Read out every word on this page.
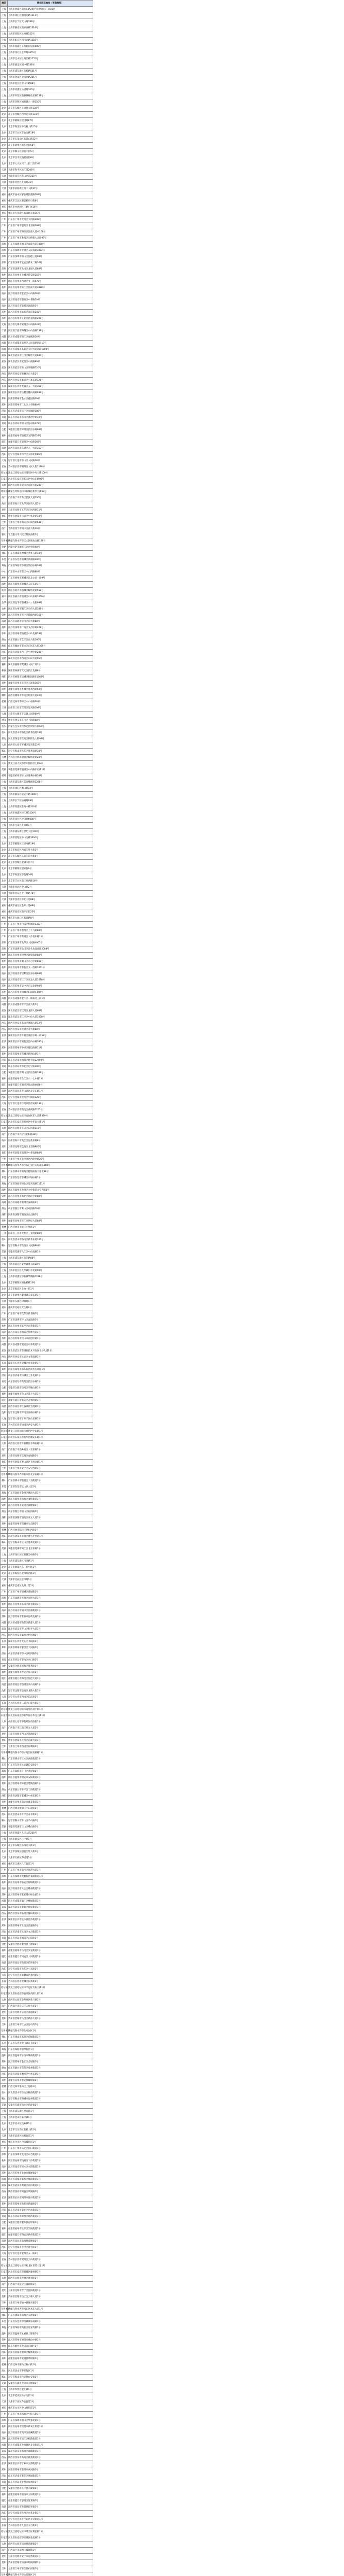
地区	营业网点地址（有效地址）
上海	上海市黄浦区南京东路299号宏伊国际广场B1层
上海	上海市徐汇区漕溪北路1111号
上海	上海市长宁区天山路789号
上海	上海市静安区南京西路1618号
上海	上海市普陀区长寿路155号
上海	上海市虹口区四川北路1318号
上海	上海市杨浦区五角场国定路600号
上海	上海市闵行区七莘路3655号
上海	上海市宝山区牡丹江路1555号
上海	上海市嘉定区城中路138号
上海	上海市浦东新区张杨路501号
上海	上海市金山区卫清西路255号
上海	上海市松江区中山中路88号
上海	上海市青浦区公园路700号
上海	上海市奉贤区南桥镇解放东路258号
上海	上海市崇明区城桥镇八一路150号
北京	北京市东城区王府井大街138号
北京	北京市西城区西单北大街131号
北京	北京市朝阳区建国路87号
北京	北京市海淀区中关村大街15号
北京	北京市丰台区丰台北路18号
北京	北京市石景山区石景山路22号
北京	北京市通州区新华西街58号
北京	北京市顺义区府前中街5号
北京	北京市昌平区鼓楼南街6号
北京	北京市大兴区兴丰大街二段23号
天津	天津市和平区滨江道208号
天津	天津市南开区鞍山西道220号
天津	天津市河西区友谊路35号
天津	天津市滨海新区第二大街37号
重庆	重庆市渝中区解放碑民族路188号
重庆	重庆市江北区观音桥步行街8号
重庆	重庆市沙坪坝区三峡广场16号
重庆	重庆市九龙坡区杨家坪正街36号
广州	广东省广州市天河区天河路208号
广州	广东省广州市越秀区北京路268号
广州	广东省广州市海珠区江南大道中168号
广州	广东省广州市番禺区市桥街大北路99号
深圳	广东省深圳市福田区深南大道7888号
深圳	广东省深圳市罗湖区人民南路3002号
深圳	广东省深圳市南山区海德三道99号
深圳	广东省深圳市宝安区新安二路36号
深圳	广东省深圳市龙岗区龙城大道88号
杭州	浙江省杭州市上城区延安路258号
杭州	浙江省杭州市西湖区文三路478号
杭州	浙江省杭州市滨江区江南大道3888号
南京	江苏省南京市玄武区中山路18号
南京	江苏省南京市秦淮区中华路50号
南京	江苏省南京市鼓楼区湖南路1号
苏州	江苏省苏州市姑苏区观前街245号
苏州	江苏省苏州市工业园区星海街200号
无锡	江苏省无锡市梁溪区中山路343号
宁波	浙江省宁波市海曙区中山西路138号
成都	四川省成都市锦江区春熙路16号
成都	四川省成都市武侯区人民南路四段19号
成都	四川省成都市高新区天府大道北段1700号
武汉	湖北省武汉市江汉区解放大道690号
武汉	湖北省武汉市武昌区中南路99号
武汉	湖北省武汉市洪山区珞喻路726号
西安	陕西省西安市碑林区东大街1号
西安	陕西省西安市雁塔区小寨东路126号
长沙	湖南省长沙市芙蓉区五一大道368号
长沙	湖南省长沙市岳麓区麓山南路932号
郑州	河南省郑州市金水区花园路39号
郑州	河南省郑州市二七区大学路80号
济南	山东省济南市历下区泉城路188号
青岛	山东省青岛市市南区香港中路10号
青岛	山东省青岛市崂山区海尔路178号
合肥	安徽省合肥市庐阳区长江中路98号
福州	福建省福州市鼓楼区五四路128号
厦门	福建省厦门市思明区中山路168号
南昌	江西省南昌市东湖区八一大道357号
沈阳	辽宁省沈阳市和平区太原北街86号
大连	辽宁省大连市中山区人民路18号
长春	吉林省长春市朝阳区人民大街1188号
哈尔滨	黑龙江省哈尔滨市道里区中央大街100号
石家庄	河北省石家庄市长安区中山东路98号
太原	山西省太原市迎泽区迎泽大街289号
呼和浩特	内蒙古呼和浩特市新城区新华大街63号
南宁	广西南宁市青秀区民族大道136号
海口	海南省海口市龙华区国贸大道2号
昆明	云南省昆明市五华区东风西路11号
贵阳	贵州省贵阳市云岩区中华北路18号
兰州	甘肃省兰州市城关区东岗西路638号
西宁	青海省西宁市城中区西大街40号
银川	宁夏银川市兴庆区解放西街2号
乌鲁木齐	新疆乌鲁木齐市天山区解放北路199号
拉萨	西藏拉萨市城关区北京中路48号
佛山	广东省佛山市禅城区季华五路18号
东莞	广东省东莞市南城区鸿福路200号
珠海	广东省珠海市香洲区情侣中路38号
中山	广东省中山市东区中山四路88号
惠州	广东省惠州市惠城区江北文昌一路9号
温州	浙江省温州市鹿城区人民东路1号
绍兴	浙江省绍兴市越城区解放北路558号
嘉兴	浙江省嘉兴市南湖区中山东路1000号
金华	浙江省金华市婺城区八一北街99号
台州	浙江省台州市椒江区市府大道388号
常州	江苏省常州市天宁区延陵西路168号
南通	江苏省南通市崇川区南大街88号
扬州	江苏省扬州市广陵区文昌中路228号
徐州	江苏省徐州市鼓楼区中山北路29号
烟台	山东省烟台市芝罘区南大街166号
潍坊	山东省潍坊市奎文区东风东大街369号
洛阳	河南省洛阳市西工区中州中路288号
宜昌	湖北省宜昌市西陵区东山大道95号
襄阳	湖北省襄阳市樊城区人民广场1号
株洲	湖南省株洲市天元区长江北路8号
绵阳	四川省绵阳市涪城区临园路东段68号
泉州	福建省泉州市丰泽区丰泽街368号
漳州	福建省漳州市芗城区胜利西路58号
赣州	江西省赣州市章贡区红旗大道20号
桂林	广西桂林市秀峰区中山中路38号
三亚	海南省三亚市吉阳区迎宾路198号
大理	云南省大理市下关镇人民路69号
遵义	贵州省遵义市汇川区上海路88号
包头	内蒙古包头市昆都仑区钢铁大街66号
唐山	河北省唐山市路北区新华西道18号
保定	河北省保定市竞秀区朝阳北大街99号
大同	山西省大同市平城区迎宾街12号
鞍山	辽宁省鞍山市铁东区胜利南路38号
吉林	吉林省吉林市船营区解放北路28号
大庆	黑龙江省大庆市萨尔图区经七街6号
芜湖	安徽省芜湖市镜湖区中山路步行街1号
蚌埠	安徽省蚌埠市蚌山区胜利中路58号
上海	上海市浦东新区陆家嘴环路1288号
上海	上海市徐汇区衡山路12号
上海	上海市静安区延安中路1000号
上海	上海市长宁区仙霞路99号
上海	上海市黄浦区淮海中路300号
上海	上海市杨浦区控江路1500号
上海	上海市闵行区沪闵路6088号
上海	上海市宝山区友谊路1号
上海	上海市浦东新区世纪大道100号
上海	上海市普陀区中山北路3300号
北京	北京市朝阳区三里屯路19号
北京	北京市海淀区西直门外大街1号
北京	北京市东城区东直门南大街5号
北京	北京市西城区金融大街7号
北京	北京市朝阳区望京街9号
北京	北京市海淀区学院路30号
北京	北京市丰台区南三环西路16号
天津	天津市河北区中山路2号
天津	天津市河东区十一经路78号
天津	天津市西青区中北大道88号
重庆	重庆市渝北区金开大道68号
重庆	重庆市南岸区南坪正街22号
重庆	重庆市大渡口区松青路8号
广州	广东省广州市白云区机场路1333号
广州	广东省广州市荔湾区上下九路88号
广州	广东省广州市黄埔区大沙地东路1号
深圳	广东省深圳市龙华区人民路4001号
深圳	广东省深圳市盐田区沙头角深盐路2088号
杭州	浙江省杭州市拱墅区湖墅南路88号
杭州	浙江省杭州市萧山区市心中路818号
杭州	浙江省杭州市余杭区文一西路1001号
南京	江苏省南京市建邺区江东中路98号
南京	江苏省南京市江宁区双龙大道1698号
苏州	江苏省苏州市吴中区东吴北路98号
苏州	江苏省苏州市相城区阳澄湖东路8号
成都	四川省成都市金牛区一环路北三段1号
成都	四川省成都市青羊区西大街1号
武汉	湖北省武汉市汉阳区龙阳大道68号
武汉	湖北省武汉市江岸区中山大道1008号
西安	陕西省西安市未央区凤城八路12号
西安	陕西省西安市莲湖区北大街88号
长沙	湖南省长沙市开福区湘江中路一段52号
长沙	湖南省长沙市雨花区韶山中路380号
郑州	河南省郑州市中原区建设西路11号
郑州	河南省郑州市管城区紫荆山路1号
济南	山东省济南市槐荫区经十路22799号
青岛	山东省青岛市市北区辽宁路100号
合肥	安徽省合肥市蜀山区长江西路189号
福州	福建省福州市台江区八一七中路1号
厦门	福建省厦门市湖里区仙岳路4688号
南昌	江西省南昌市青山湖区北京东路1号
沈阳	辽宁省沈阳市沈河区中街路128号
大连	辽宁省大连市沙河口区西安路139号
长春	吉林省长春市南关区重庆路1255号
哈尔滨	黑龙江省哈尔滨市南岗区东大直街329号
石家庄	河北省石家庄市桥西区中华南大街1号
太原	山西省太原市小店区长风街116号
南宁	广西南宁市兴宁区朝阳路38号
海口	海南省海口市美兰区海秀东路8号
昆明	云南省昆明市盘龙区北京路985号
贵阳	贵州省贵阳市南明区中华南路88号
兰州	甘肃省兰州市七里河区西津西路20号
乌鲁木齐	新疆乌鲁木齐市沙依巴克区友好南路668号
佛山	广东省佛山市南海区桂城南海大道北38号
东莞	广东省东莞市东城区东城中路1号
珠海	广东省珠海市拱北区迎宾南路1111号
温州	浙江省温州市龙湾区永中街道永宁西路1号
常州	江苏省常州市新北区通江中路88号
南通	江苏省南通市港闸区深南路1号
烟台	山东省烟台市莱山区观海路10号
洛阳	河南省洛阳市涧西区南昌路1号
泉州	福建省泉州市晋江市世纪大道88号
桂林	广西桂林市七星区七星路1号
三亚	海南省三亚市天涯区三亚湾路88号
唐山	河北省唐山市路南区新华东道100号
鞍山	辽宁省鞍山市铁西区人民路88号
芜湖	安徽省芜湖市弋江区中山南路1号
上海	上海市浦东新区张江路88号
上海	上海市嘉定区安亭镇墨玉路28号
上海	上海市松江区九亭镇沪亭北路99号
上海	上海市青浦区华新镇华腾路1288号
北京	北京市朝阳区酒仙桥路10号
北京	北京市海淀区上地十街1号
北京	北京市通州区梨园镇云景东路1号
天津	天津市东丽区津塘路1号
重庆	重庆市北碚区天生路2号
广州	广东省广州市花都区新华路1号
深圳	广东省深圳市坪山区深汕路1号
杭州	浙江省杭州市临平区南苑街道1号
南京	江苏省南京市栖霞区仙林大道1号
苏州	江苏省苏州市昆山市前进中路1号
成都	四川省成都市双流区东升街道1号
武汉	湖北省武汉市东湖新技术开发区光谷大道1号
西安	陕西省西安市长安区文苑南路1号
长沙	湖南省长沙市望城区金星北路1号
郑州	河南省郑州市郑东新区商务内环路1号
济南	山东省济南市历城区工业北路1号
青岛	山东省青岛市黄岛区长江中路1号
合肥	安徽省合肥市包河区马鞍山路1号
福州	福建省福州市仓山区浦上大道1号
厦门	福建省厦门市集美区杏林湾路1号
南昌	江西省南昌市红谷滩区会展路1号
沈阳	辽宁省沈阳市浑南区浑南中路1号
大连	辽宁省大连市甘井子区山东路1号
长春	吉林省长春市绿园区西安大路1号
哈尔滨	黑龙江省哈尔滨市香坊区中山路1号
石家庄	河北省石家庄市裕华区槐安东路1号
太原	山西省太原市万柏林区千峰南路1号
南宁	广西南宁市西乡塘区大学东路1号
昆明	云南省昆明市官渡区春城路1号
贵阳	贵州省贵阳市观山湖区长岭北路1号
兰州	甘肃省兰州市安宁区安宁西路1号
乌鲁木齐	新疆乌鲁木齐市新市区北京南路1号
佛山	广东省佛山市顺德区大良街道1号
东莞	广东省东莞市松山湖大道1号
珠海	广东省珠海市金湾区珠海大道1号
温州	浙江省温州市瓯海区娄桥街道1号
常州	江苏省常州市武进区湖塘镇1号
烟台	山东省烟台市福山区福海路1号
洛阳	河南省洛阳市洛龙区开元大道1号
泉州	福建省泉州市石狮市宝岛路1号
桂林	广西桂林市临桂区世纪西路1号
唐山	河北省唐山市丰润区曹雪芹西道1号
鞍山	辽宁省鞍山市立山区胜利北路1号
芜湖	安徽省芜湖市鸠江区北京东路1号
上海	上海市闵行区虹桥镇吴中路1号
上海	上海市浦东新区川沙路1号
北京	北京市朝阳区东三环中路1号
北京	北京市海淀区北四环西路1号
天津	天津市北辰区京津路1号
重庆	重庆市巴南区龙洲大道1号
广州	广东省广州市增城区荔城街1号
深圳	广东省深圳市光明区光明大道1号
杭州	浙江省杭州市富阳区富春街道1号
南京	江苏省南京市浦口区江浦街道1号
苏州	江苏省苏州市常熟市海虞北路1号
成都	四川省成都市新都区新都大道1号
武汉	湖北省武汉市青山区和平大道1号
西安	陕西省西安市灞桥区纺织城1号
长沙	湖南省长沙市天心区书院路1号
郑州	河南省郑州市惠济区天河路1号
济南	山东省济南市市中区经四路1号
青岛	山东省青岛市李沧区京口路1号
合肥	安徽省合肥市瑶海区胜利路1号
福州	福建省福州市晋安区福马路1号
厦门	福建省厦门市海沧区海沧大道1号
南昌	江西省南昌市西湖区象山南路1号
沈阳	辽宁省沈阳市皇姑区北陵大街1号
大连	辽宁省大连市西岗区长江路1号
长春	吉林省长春市二道区东盛大街1号
哈尔滨	黑龙江省哈尔滨市道外区靖宇街1号
石家庄	河北省石家庄市新华区中华北大街1号
太原	山西省太原市杏花岭区府西街1号
南宁	广西南宁市江南区星光大道1号
昆明	云南省昆明市西山区滇池路1号
贵阳	贵州省贵阳市花溪区花溪大道1号
兰州	甘肃省兰州市西固区福利路1号
乌鲁木齐	新疆乌鲁木齐市水磨沟区南湖路1号
佛山	广东省佛山市三水区西南街道1号
东莞	广东省东莞市长安镇长安路1号
珠海	广东省珠海市斗门区井岸镇1号
温州	浙江省温州市瑞安市安阳街道1号
常州	江苏省常州市钟楼区延陵西路1号
烟台	山东省烟台市牟平区宁海街道1号
洛阳	河南省洛阳市老城区中州东路1号
泉州	福建省泉州市南安市溪美街道1号
桂林	广西桂林市叠彩区中山北路1号
唐山	河北省唐山市开平区开平街1号
鞍山	辽宁省鞍山市千山区千山路1号
芜湖	安徽省芜湖市三山区峨山路1号
上海	上海市黄浦区人民大道200号
上海	上海市静安区江宁路1号
北京	北京市东城区东四北大街1号
北京	北京市西城区德胜门外大街1号
天津	天津市红桥区芥园道1号
重庆	重庆市江津区几江街道1号
广州	广东省广州市南沙区进港大道1号
深圳	广东省深圳市大鹏新区葵涌街道1号
杭州	浙江省杭州市临安区锦城街道1号
南京	江苏省南京市六合区雄州街道1号
苏州	江苏省苏州市张家港市杨舍镇1号
成都	四川省成都市温江区柳城街道1号
武汉	湖北省武汉市蔡甸区蔡甸街道1号
西安	陕西省西安市临潼区骊山街道1号
长沙	湖南省长沙市长沙县星沙街道1号
郑州	河南省郑州市上街区济源路1号
济南	山东省济南市长清区文昌街道1号
青岛	山东省青岛市城阳区正阳路1号
合肥	安徽省合肥市肥西县上派镇1号
福州	福建省福州市马尾区罗星街道1号
厦门	福建省厦门市同安区大同街道1号
南昌	江西省南昌市新建区长堎镇1号
沈阳	辽宁省沈阳市大东区小东路1号
大连	辽宁省大连市旅顺口区黄河路1号
长春	吉林省长春市宽城区长新街1号
哈尔滨	黑龙江省哈尔滨市平房区友协大街1号
石家庄	河北省石家庄市鹿泉区向阳大街1号
太原	山西省太原市尖草坪区新兰路1号
南宁	广西南宁市良庆区五象大道1号
昆明	云南省昆明市呈贡区春融街1号
贵阳	贵州省贵阳市乌当区新添大道1号
兰州	甘肃省兰州市红古区海石湾1号
乌鲁木齐	新疆乌鲁木齐市头屯河区1号
佛山	广东省佛山市高明区荷城街道1号
东莞	广东省东莞市虎门镇连升路1号
珠海	广东省珠海市横琴新区1号
温州	浙江省温州市乐清市城南街道1号
常州	江苏省常州市金坛区金城镇1号
烟台	山东省烟台市蓬莱区登州街道1号
洛阳	河南省洛阳市瀍河区中州东路1号
泉州	福建省泉州市惠安县螺城镇1号
桂林	广西桂林市象山区上海路1号
唐山	河北省唐山市古冶区林西街道1号
鞍山	辽宁省鞍山市海城市海州街道1号
芜湖	安徽省芜湖市湾沚区湾沚镇1号
上海	上海市浦东新区惠南镇1号
上海	上海市金山区朱泾镇1号
北京	北京市房山区良乡镇1号
北京	北京市门头沟区新桥大街1号
天津	天津市武清区杨村街道1号
重庆	重庆市合川区合阳城街道1号
广州	广东省广州市从化区街口街道1号
深圳	广东省深圳市龙岗区布吉街道1号
杭州	浙江省杭州市钱塘区下沙街道1号
南京	江苏省南京市溧水区永阳街道1号
苏州	江苏省苏州市太仓市城厢镇1号
成都	四川省成都市郫都区郫筒街道1号
武汉	湖北省武汉市黄陂区前川街道1号
西安	陕西省西安市阎良区凤凰路1号
长沙	湖南省长沙市浏阳市淮川街道1号
郑州	河南省郑州市新郑市新建路1号
济南	山东省济南市章丘区明水街道1号
青岛	山东省青岛市即墨区通济街道1号
合肥	安徽省合肥市肥东县店埠镇1号
福州	福建省福州市长乐区吴航街道1号
厦门	福建省厦门市翔安区新店街道1号
南昌	江西省南昌市南昌县莲塘镇1号
沈阳	辽宁省沈阳市于洪区沈大路1号
大连	辽宁省大连市金州区五一路1号
长春	吉林省长春市双阳区云山街道1号
哈尔滨	黑龙江省哈尔滨市松北区世茂大道1号
石家庄	河北省石家庄市藁城区廉州路1号
太原	山西省太原市晋源区晋祠路1号
南宁	广西南宁市邕宁区蒲庙镇1号
昆明	云南省昆明市晋宁区昆阳街道1号
贵阳	贵州省贵阳市白云区云峰大道1号
兰州	甘肃省兰州市榆中县城关镇1号
乌鲁木齐	新疆乌鲁木齐市米东区米东大道1号
佛山	广东省佛山市南海区大沥镇1号
东莞	广东省东莞市厚街镇康乐南路1号
珠海	广东省珠海市高新区唐家湾镇1号
温州	浙江省温州市永嘉县上塘镇1号
常州	江苏省常州市溧阳市燕山中路1号
烟台	山东省烟台市龙口市东城区1号
洛阳	河南省洛阳市偃师区槐新街道1号
泉州	福建省泉州市安溪县凤城镇1号
桂林	广西桂林市雁山区雁山街1号
唐山	河北省唐山市曹妃甸区1号
鞍山	辽宁省鞍山市台安县台安镇1号
芜湖	安徽省芜湖市无为市无城镇1号
上海	上海市奉贤区金汇镇1号
北京	北京市延庆区妫水北街1号
天津	天津市宁河区芦台街道1号
重庆	重庆市永川区中山路街道1号
广州	广东省广州市越秀区中山五路1号
深圳	广东省深圳市福田区华强北路1号
杭州	浙江省杭州市建德市新安江街道1号
南京	江苏省南京市高淳区淳溪街道1号
苏州	江苏省苏州市吴江区松陵街道1号
成都	四川省成都市龙泉驿区龙泉街道1号
武汉	湖北省武汉市新洲区邾城街道1号
西安	陕西省西安市高陵区鹿苑街道1号
长沙	湖南省长沙市宁乡市玉潭街道1号
郑州	河南省郑州市荥阳市索河路1号
济南	山东省济南市莱芜区凤城街道1号
青岛	山东省青岛市胶州市福州路1号
合肥	安徽省合肥市长丰县水湖镇1号
福州	福建省福州市福清市玉屏街道1号
厦门	福建省厦门市思明区厦禾路1号
南昌	江西省南昌市进贤县民和镇1号
沈阳	辽宁省沈阳市铁西区兴华北街1号
大连	辽宁省大连市普兰店区丰荣街道1号
长春	吉林省长春市九台区九台街1号
哈尔滨	黑龙江省哈尔滨市呼兰区利民街1号
石家庄	河北省石家庄市栾城区栾武路1号
太原	山西省太原市清徐县清源镇1号
南宁	广西南宁市武鸣区城厢镇1号
昆明	云南省昆明市安宁市连然街道1号
贵阳	贵州省贵阳市清镇市红枫湖镇1号
兰州	甘肃省兰州市皋兰县石洞镇1号
乌鲁木齐	新疆乌鲁木齐市达坂城区1号
